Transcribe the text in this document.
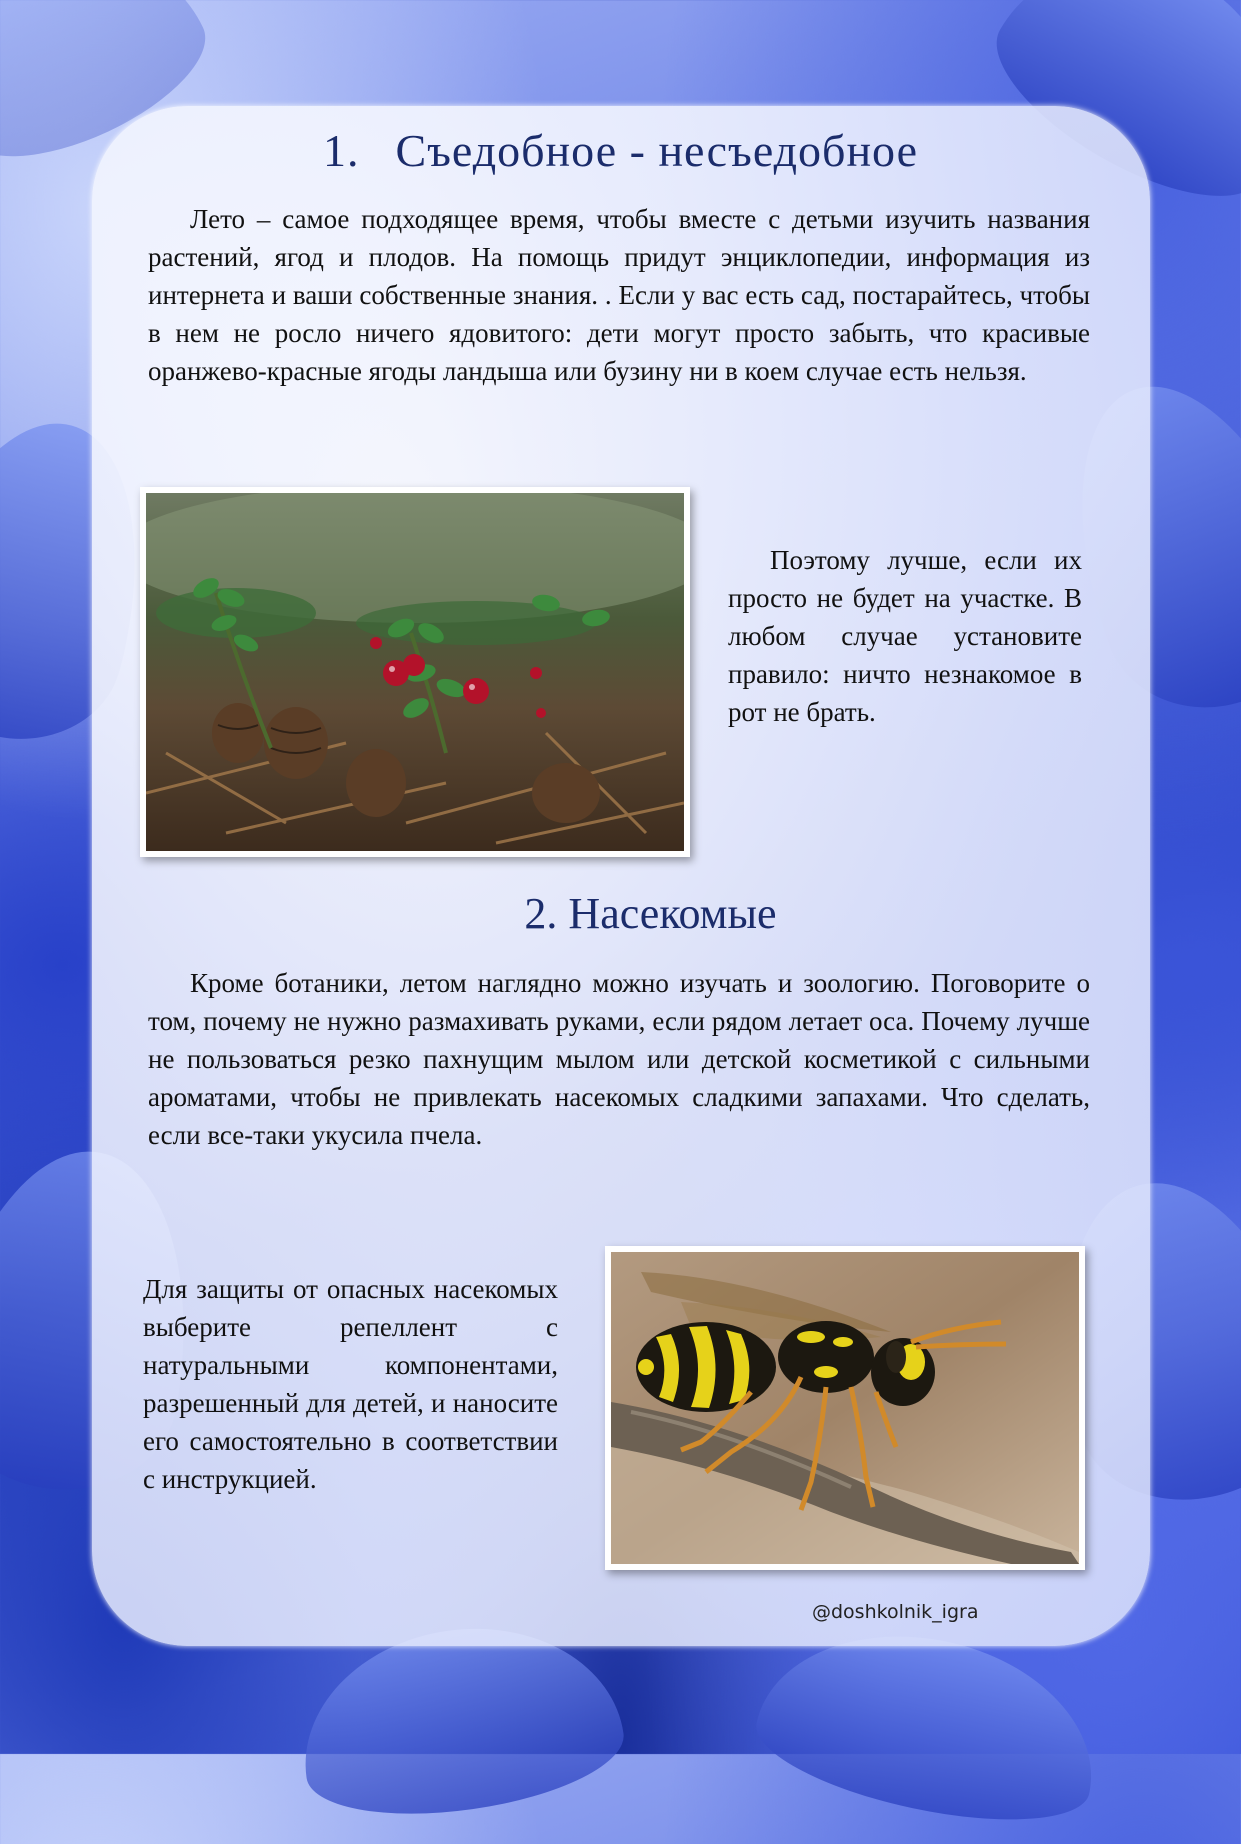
1. Съедобное - несъедобное

Лето – самое подходящее время, чтобы вместе с детьми изучить названия растений, ягод и плодов. На помощь придут энциклопедии, информация из интернета и ваши собственные знания. . Если у вас есть сад, постарайтесь, чтобы в нем не росло ничего ядовитого: дети могут просто забыть, что красивые оранжево-красные ягоды ландыша или бузину ни в коем случае есть нельзя.

Поэтому лучше, если их просто не будет на участке. В любом случае установите правило: ничто незнакомое в рот не брать.

2. Насекомые

Кроме ботаники, летом наглядно можно изучать и зоологию. Поговорите о том, почему не нужно размахивать руками, если рядом летает оса. Почему лучше не пользоваться резко пахнущим мылом или детской косметикой с сильными ароматами, чтобы не привлекать насекомых сладкими запахами. Что сделать, если все-таки укусила пчела.

Для защиты от опасных насекомых выберите репеллент с натуральными компонентами, разрешенный для детей, и наносите его самостоятельно в соответствии с инструкцией.

@doshkolnik_igra
